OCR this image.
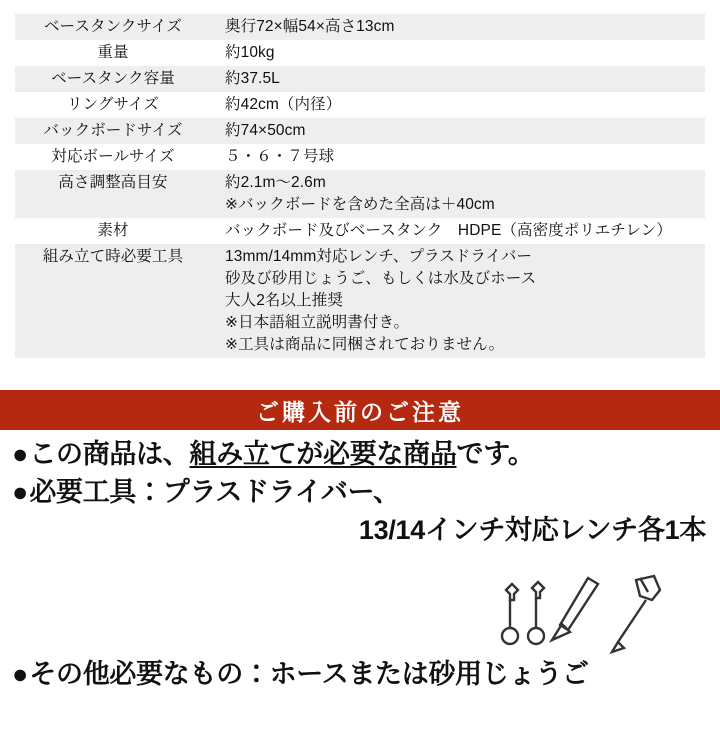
ベースタンクサイズ	奥行72×幅54×高さ13cm

重量	約10kg

ベースタンク容量	約37.5L

リングサイズ	約42cm（内径）

バックボードサイズ	約74×50cm

対応ボールサイズ	５・６・７号球

高さ調整高目安	約2.1m〜2.6m
※バックボードを含めた全高は＋40cm

素材	バックボード及びベースタンク　HDPE（高密度ポリエチレン）

組み立て時必要工具	13mm/14mm対応レンチ、プラスドライバー
砂及び砂用じょうご、もしくは水及びホース
大人2名以上推奨
※日本語組立説明書付き。
※工具は商品に同梱されておりません。
ご購入前のご注意
● この商品は、組み立てが必要な商品です。
● 必要工具：プラスドライバー、
13/14インチ対応レンチ各1本
● その他必要なもの：ホースまたは砂用じょうご
